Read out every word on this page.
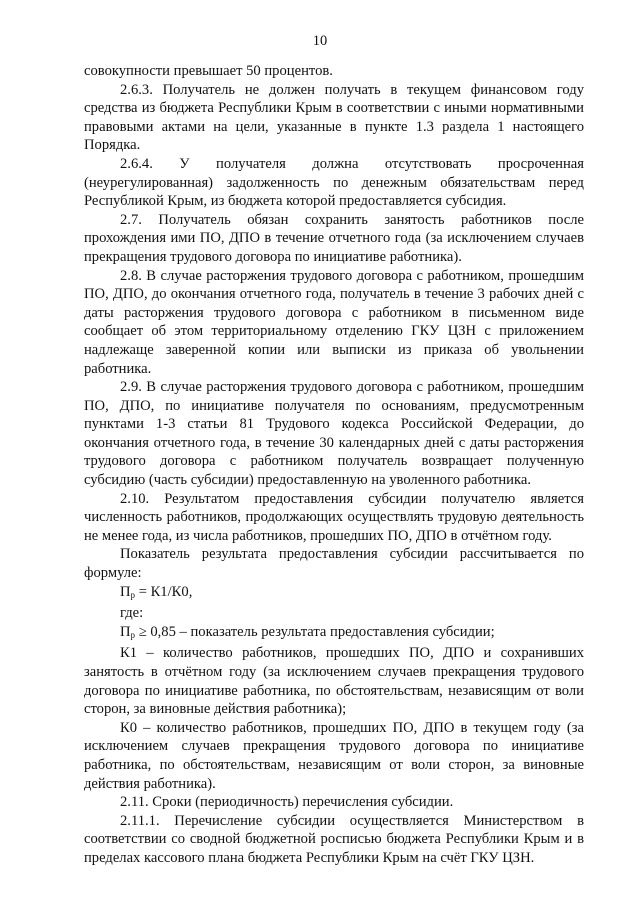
10

совокупности превышает 50 процентов.

2.6.3. Получатель не должен получать в текущем финансовом году средства из бюджета Республики Крым в соответствии с иными нормативными правовыми актами на цели, указанные в пункте 1.3 раздела 1 настоящего Порядка.

2.6.4. У получателя должна отсутствовать просроченная (неурегулированная) задолженность по денежным обязательствам перед Республикой Крым, из бюджета которой предоставляется субсидия.

2.7. Получатель обязан сохранить занятость работников после прохождения ими ПО, ДПО в течение отчетного года (за исключением случаев прекращения трудового договора по инициативе работника).

2.8. В случае расторжения трудового договора с работником, прошедшим ПО, ДПО, до окончания отчетного года, получатель в течение 3 рабочих дней с даты расторжения трудового договора с работником в письменном виде сообщает об этом территориальному отделению ГКУ ЦЗН с приложением надлежаще заверенной копии или выписки из приказа об увольнении работника.

2.9. В случае расторжения трудового договора с работником, прошедшим ПО, ДПО, по инициативе получателя по основаниям, предусмотренным пунктами 1-3 статьи 81 Трудового кодекса Российской Федерации, до окончания отчетного года, в течение 30 календарных дней с даты расторжения трудового договора с работником получатель возвращает полученную субсидию (часть субсидии) предоставленную на уволенного работника.

2.10. Результатом предоставления субсидии получателю является численность работников, продолжающих осуществлять трудовую деятельность не менее года, из числа работников, прошедших ПО, ДПО в отчётном году.

Показатель результата предоставления субсидии рассчитывается по формуле:

$П_р = К1/К0$,

где:

$П_р \ge 0,85$ – показатель результата предоставления субсидии;

К1 – количество работников, прошедших ПО, ДПО и сохранивших занятость в отчётном году (за исключением случаев прекращения трудового договора по инициативе работника, по обстоятельствам, независящим от воли сторон, за виновные действия работника);

К0 – количество работников, прошедших ПО, ДПО в текущем году (за исключением случаев прекращения трудового договора по инициативе работника, по обстоятельствам, независящим от воли сторон, за виновные действия работника).

2.11. Сроки (периодичность) перечисления субсидии.

2.11.1. Перечисление субсидии осуществляется Министерством в соответствии со сводной бюджетной росписью бюджета Республики Крым и в пределах кассового плана бюджета Республики Крым на счёт ГКУ ЦЗН.
